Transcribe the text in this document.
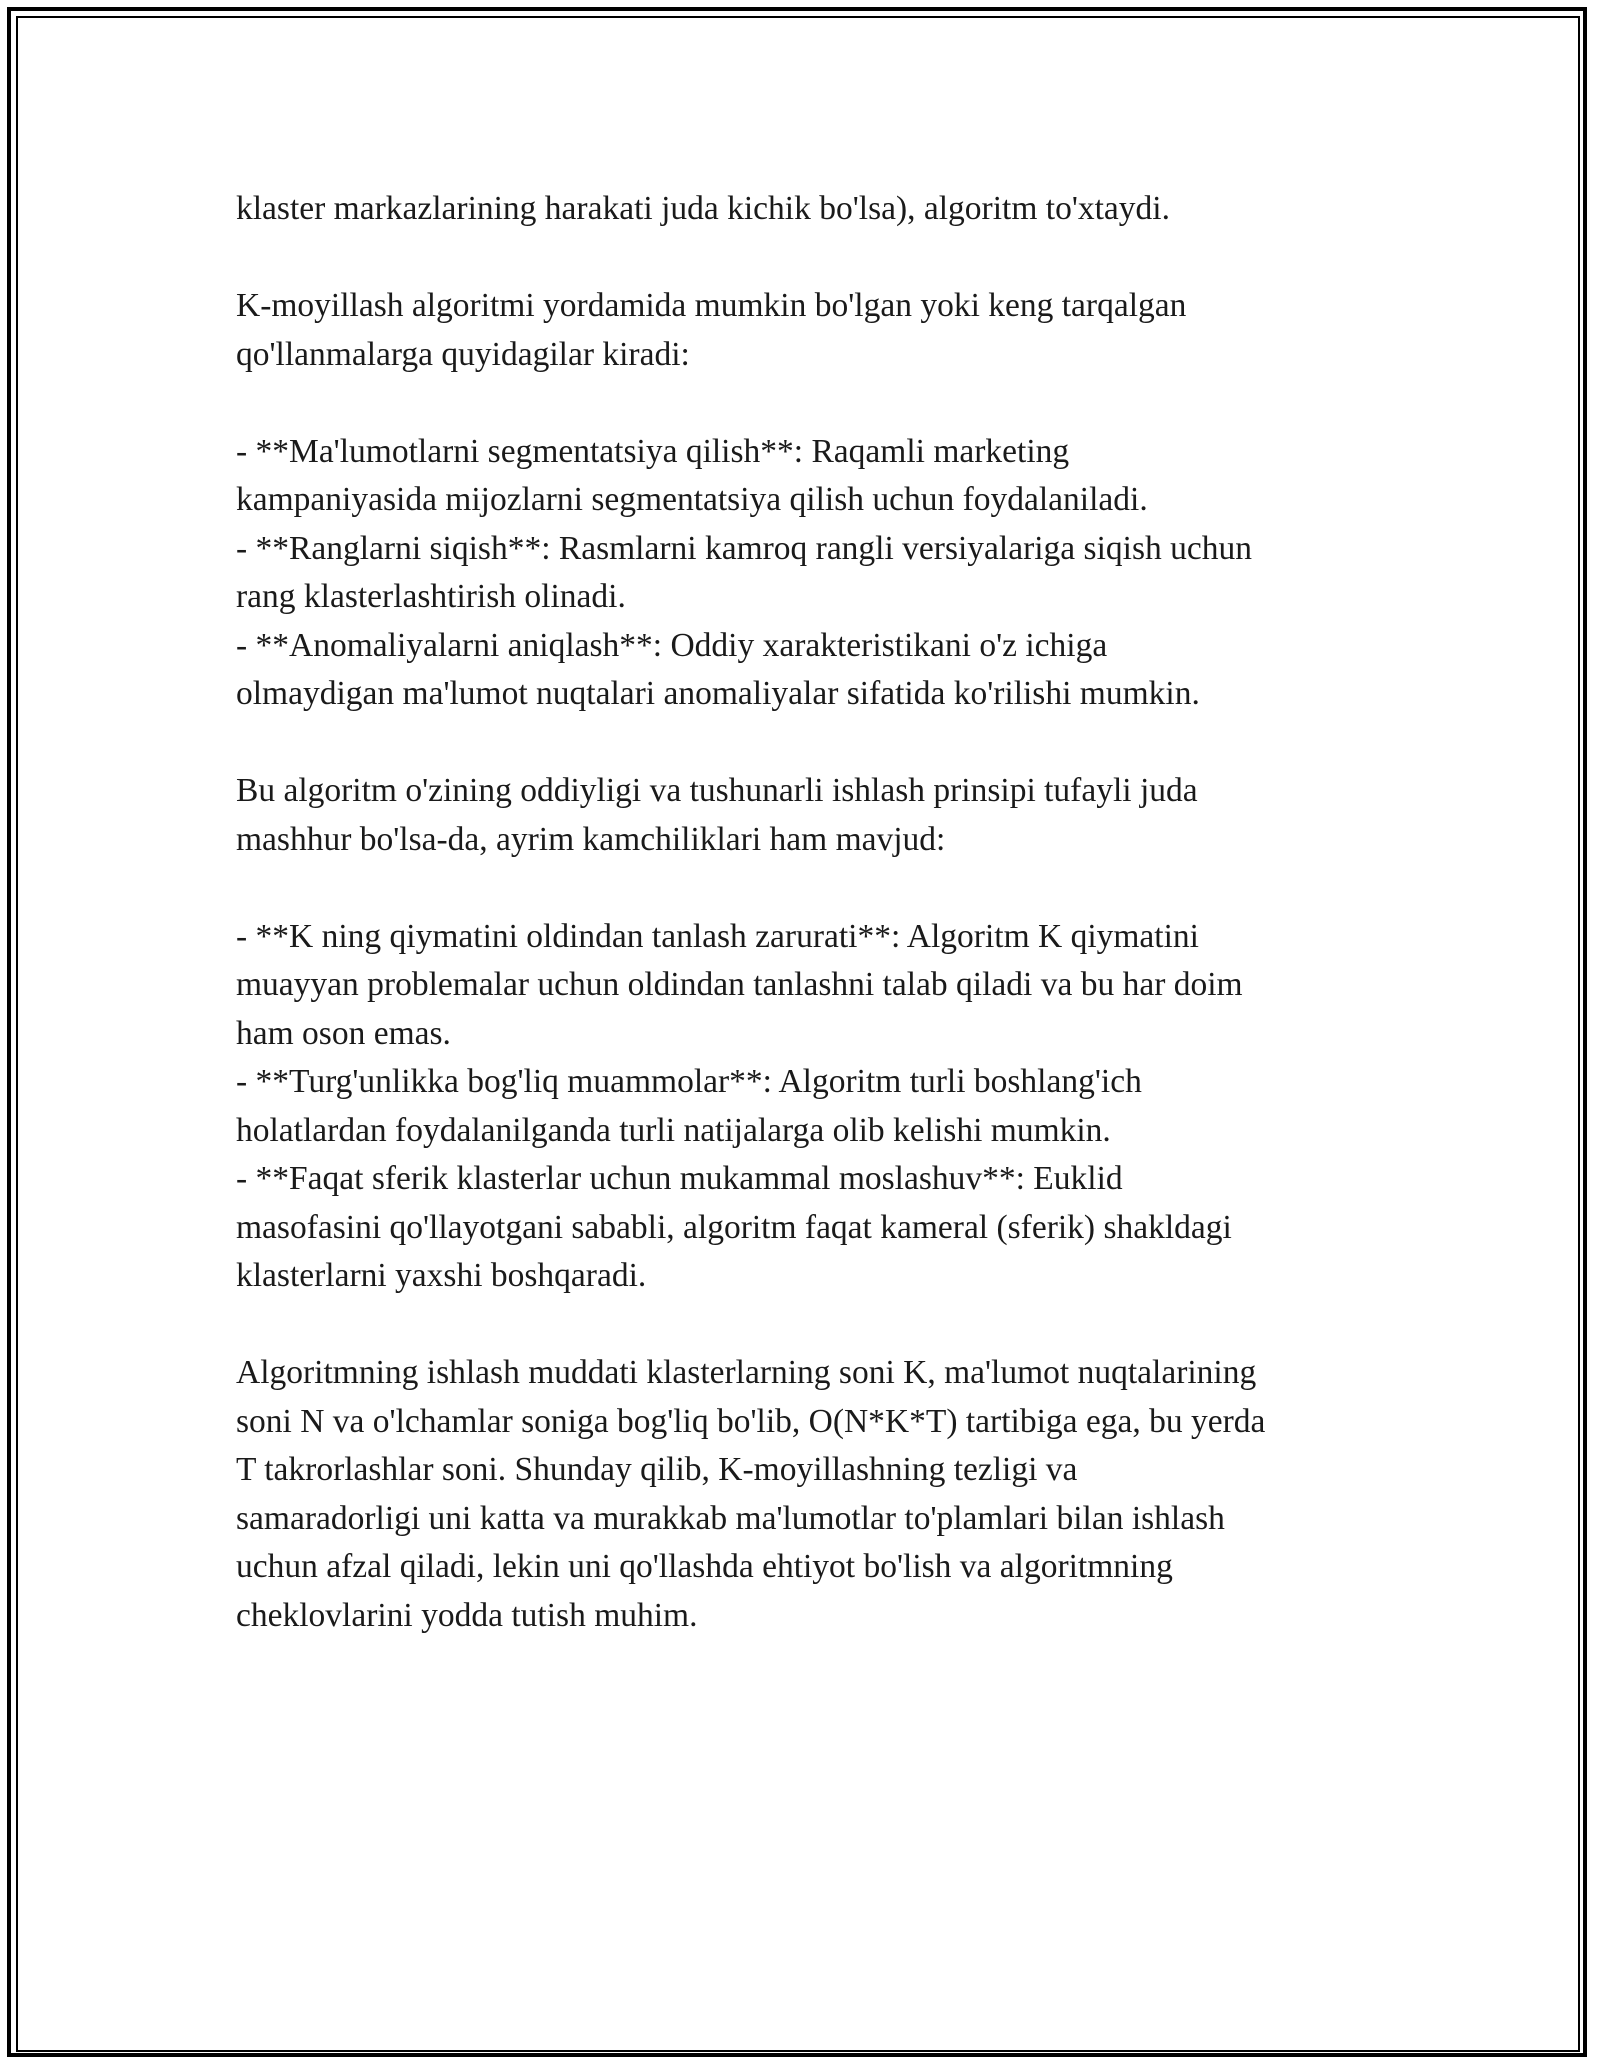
klaster markazlarining harakati juda kichik bo'lsa), algoritm to'xtaydi.

K-moyillash algoritmi yordamida mumkin bo'lgan yoki keng tarqalgan

qo'llanmalarga quyidagilar kiradi:

- **Ma'lumotlarni segmentatsiya qilish**: Raqamli marketing

kampaniyasida mijozlarni segmentatsiya qilish uchun foydalaniladi.

- **Ranglarni siqish**: Rasmlarni kamroq rangli versiyalariga siqish uchun

rang klasterlashtirish olinadi.

- **Anomaliyalarni aniqlash**: Oddiy xarakteristikani o'z ichiga

olmaydigan ma'lumot nuqtalari anomaliyalar sifatida ko'rilishi mumkin.

Bu algoritm o'zining oddiyligi va tushunarli ishlash prinsipi tufayli juda

mashhur bo'lsa-da, ayrim kamchiliklari ham mavjud:

- **K ning qiymatini oldindan tanlash zarurati**: Algoritm K qiymatini

muayyan problemalar uchun oldindan tanlashni talab qiladi va bu har doim

ham oson emas.

- **Turg'unlikka bog'liq muammolar**: Algoritm turli boshlang'ich

holatlardan foydalanilganda turli natijalarga olib kelishi mumkin.

- **Faqat sferik klasterlar uchun mukammal moslashuv**: Euklid

masofasini qo'llayotgani sababli, algoritm faqat kameral (sferik) shakldagi

klasterlarni yaxshi boshqaradi.

Algoritmning ishlash muddati klasterlarning soni K, ma'lumot nuqtalarining

soni N va o'lchamlar soniga bog'liq bo'lib, O(N*K*T) tartibiga ega, bu yerda

T takrorlashlar soni. Shunday qilib, K-moyillashning tezligi va

samaradorligi uni katta va murakkab ma'lumotlar to'plamlari bilan ishlash

uchun afzal qiladi, lekin uni qo'llashda ehtiyot bo'lish va algoritmning

cheklovlarini yodda tutish muhim.
